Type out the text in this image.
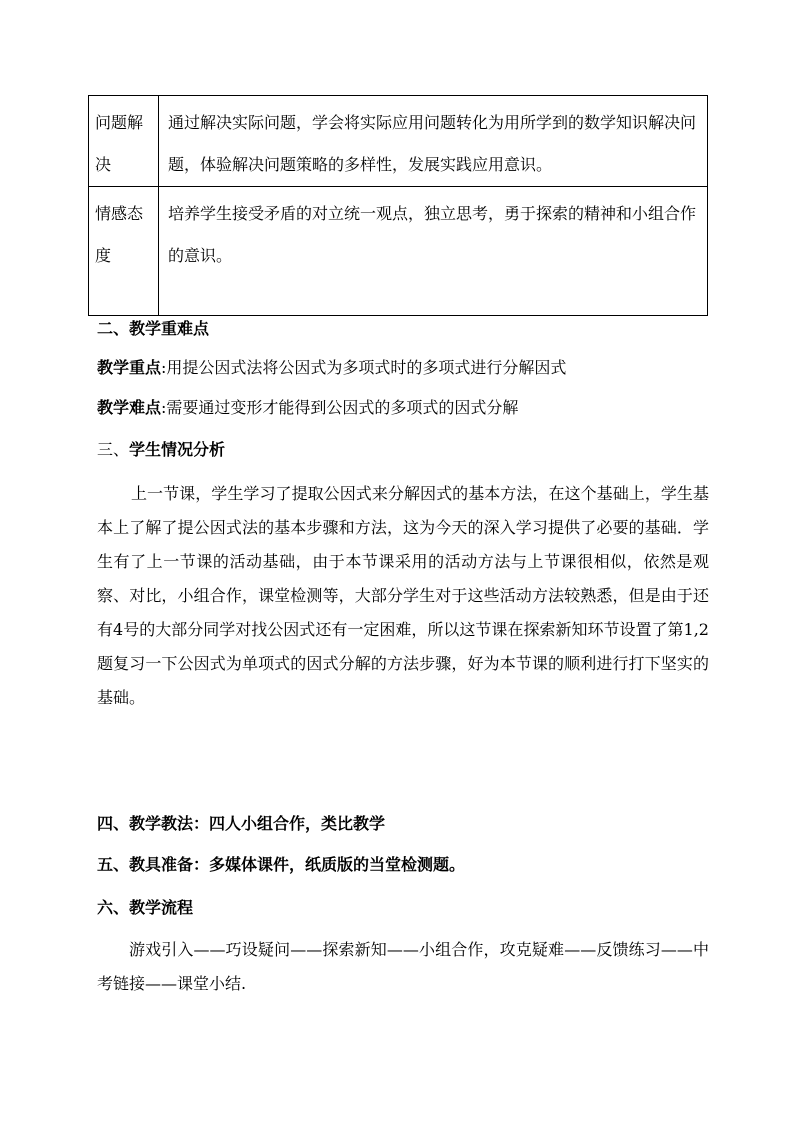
问题解决	通过解决实际问题，学会将实际应用问题转化为用所学到的数学知识解决问题，体验解决问题策略的多样性，发展实践应用意识。
情感态度	培养学生接受矛盾的对立统一观点，独立思考，勇于探索的精神和小组合作的意识。
二、教学重难点
教学重点:用提公因式法将公因式为多项式时的多项式进行分解因式
教学难点:需要通过变形才能得到公因式的多项式的因式分解
三、学生情况分析
上一节课，学生学习了提取公因式来分解因式的基本方法，在这个基础上，学生基本上了解了提公因式法的基本步骤和方法，这为今天的深入学习提供了必要的基础．学生有了上一节课的活动基础，由于本节课采用的活动方法与上节课很相似，依然是观察、对比，小组合作，课堂检测等，大部分学生对于这些活动方法较熟悉，但是由于还有4号的大部分同学对找公因式还有一定困难，所以这节课在探索新知环节设置了第1,2题复习一下公因式为单项式的因式分解的方法步骤，好为本节课的顺利进行打下坚实的基础。
四、教学教法：四人小组合作，类比教学
五、教具准备：多媒体课件，纸质版的当堂检测题。
六、教学流程
游戏引入——巧设疑问——探索新知——小组合作，攻克疑难——反馈练习——中考链接——课堂小结.
